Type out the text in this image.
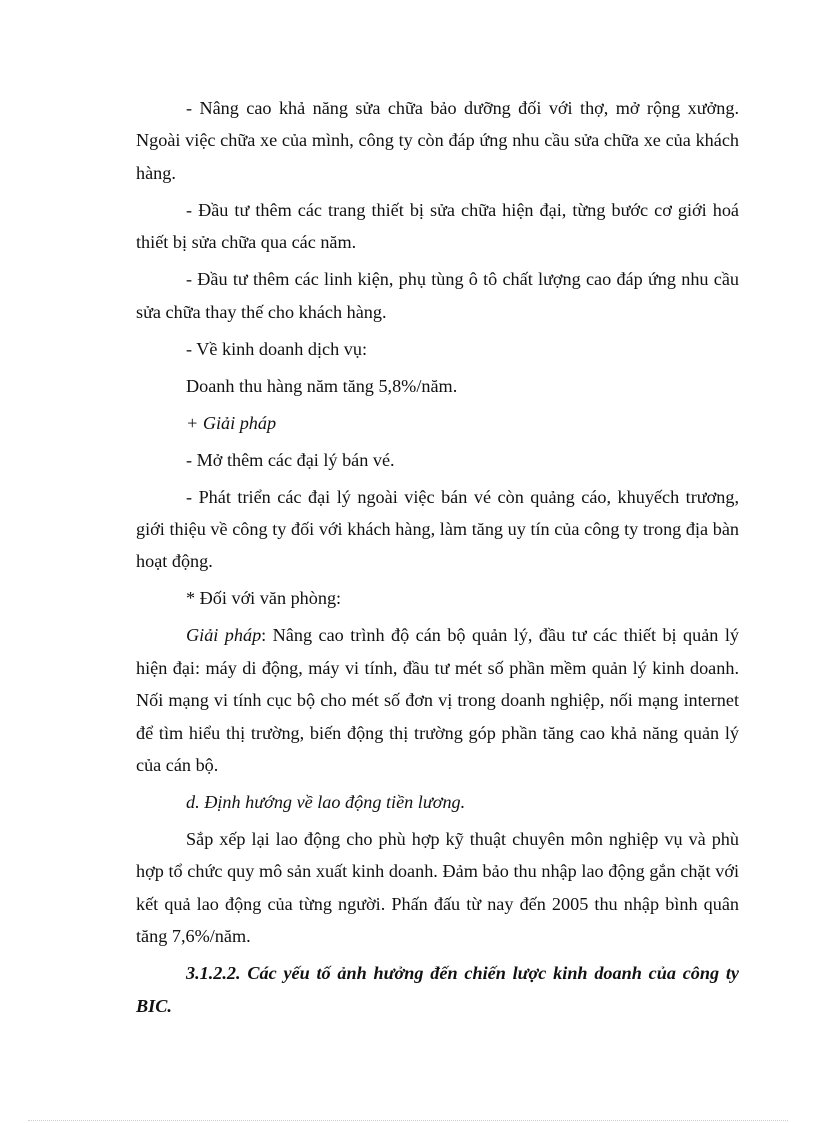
- Nâng cao khả năng sửa chữa bảo dưỡng đối với thợ, mở rộng xưởng. Ngoài việc chữa xe của mình, công ty còn đáp ứng nhu cầu sửa chữa xe của khách hàng.

- Đầu tư thêm các trang thiết bị sửa chữa hiện đại, từng bước cơ giới hoá thiết bị sửa chữa qua các năm.

- Đầu tư thêm các linh kiện, phụ tùng ô tô chất lượng cao đáp ứng nhu cầu sửa chữa thay thế cho khách hàng.

- Về kinh doanh dịch vụ:

Doanh thu hàng năm tăng 5,8%/năm.

+ Giải pháp

- Mở thêm các đại lý bán vé.

- Phát triển các đại lý ngoài việc bán vé còn quảng cáo, khuyếch trương, giới thiệu về công ty đối với khách hàng, làm tăng uy tín của công ty trong địa bàn hoạt động.

* Đối với văn phòng:

Giải pháp: Nâng cao trình độ cán bộ quản lý, đầu tư các thiết bị quản lý hiện đại: máy di động, máy vi tính, đầu tư mét số phần mềm quản lý kinh doanh. Nối mạng vi tính cục bộ cho mét số đơn vị trong doanh nghiệp, nối mạng internet để tìm hiểu thị trường, biến động thị trường góp phần tăng cao khả năng quản lý của cán bộ.

d. Định hướng về lao động tiền lương.

Sắp xếp lại lao động cho phù hợp kỹ thuật chuyên môn nghiệp vụ và phù hợp tổ chức quy mô sản xuất kinh doanh. Đảm bảo thu nhập lao động gắn chặt với kết quả lao động của từng người. Phấn đấu từ nay đến 2005 thu nhập bình quân tăng 7,6%/năm.

3.1.2.2. Các yếu tố ảnh hưởng đến chiến lược kinh doanh của công ty BIC.
